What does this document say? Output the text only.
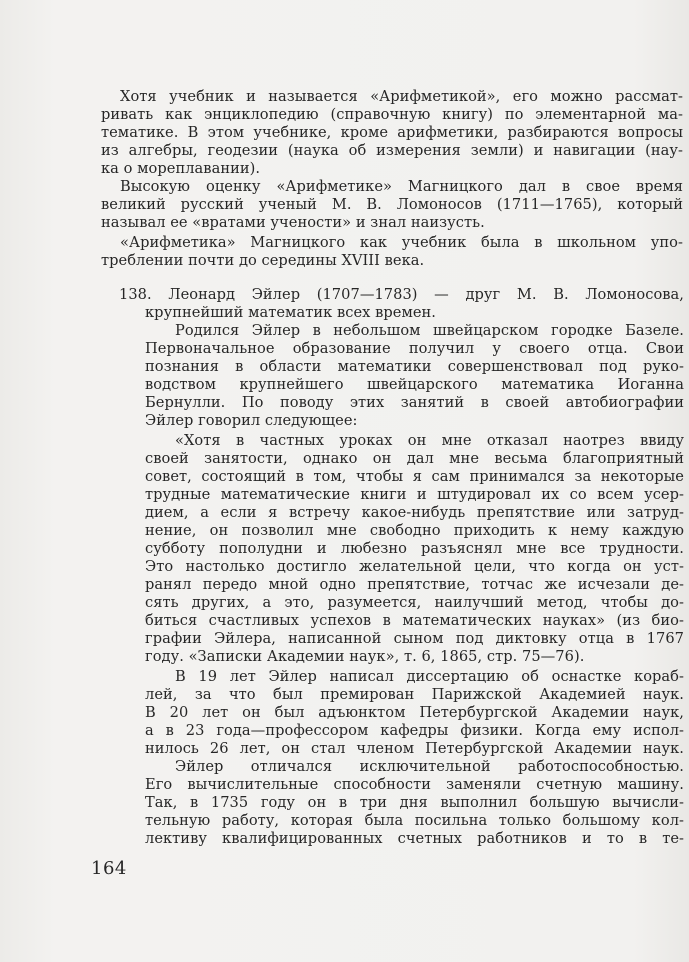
Хотя учебник и называется «Арифметикой», его можно рассмат-
ривать как энциклопедию (справочную книгу) по элементарной ма-
тематике. В этом учебнике, кроме арифметики, разбираются вопросы
из алгебры, геодезии (наука об измерения земли) и навигации (нау-
ка о мореплавании).
Высокую оценку «Арифметике» Магницкого дал в свое время
великий русский ученый М. В. Ломоносов (1711—1765), который
называл ее «вратами учености» и знал наизусть.
«Арифметика» Магницкого как учебник была в школьном упо-
треблении почти до середины XVIII века.
138. Леонард Эйлер (1707—1783) — друг М. В. Ломоносова,
крупнейший математик всех времен.
Родился Эйлер в небольшом швейцарском городке Базеле.
Первоначальное образование получил у своего отца. Свои
познания в области математики совершенствовал под руко-
водством крупнейшего швейцарского математика Иоганна
Бернулли. По поводу этих занятий в своей автобиографии
Эйлер говорил следующее:
«Хотя в частных уроках он мне отказал наотрез ввиду
своей занятости, однако он дал мне весьма благоприятный
совет, состоящий в том, чтобы я сам принимался за некоторые
трудные математические книги и штудировал их со всем усер-
дием, а если я встречу какое-нибудь препятствие или затруд-
нение, он позволил мне свободно приходить к нему каждую
субботу пополудни и любезно разъяснял мне все трудности.
Это настолько достигло желательной цели, что когда он уст-
ранял передо мной одно препятствие, тотчас же исчезали де-
сять других, а это, разумеется, наилучший метод, чтобы до-
биться счастливых успехов в математических науках» (из био-
графии Эйлера, написанной сыном под диктовку отца в 1767
году. «Записки Академии наук», т. 6, 1865, стр. 75—76).
В 19 лет Эйлер написал диссертацию об оснастке кораб-
лей, за что был премирован Парижской Академией наук.
В 20 лет он был адъюнктом Петербургской Академии наук,
а в 23 года—профессором кафедры физики. Когда ему испол-
нилось 26 лет, он стал членом Петербургской Академии наук.
Эйлер отличался исключительной работоспособностью.
Его вычислительные способности заменяли счетную машину.
Так, в 1735 году он в три дня выполнил большую вычисли-
тельную работу, которая была посильна только большому кол-
лективу квалифицированных счетных работников и то в те-
164
